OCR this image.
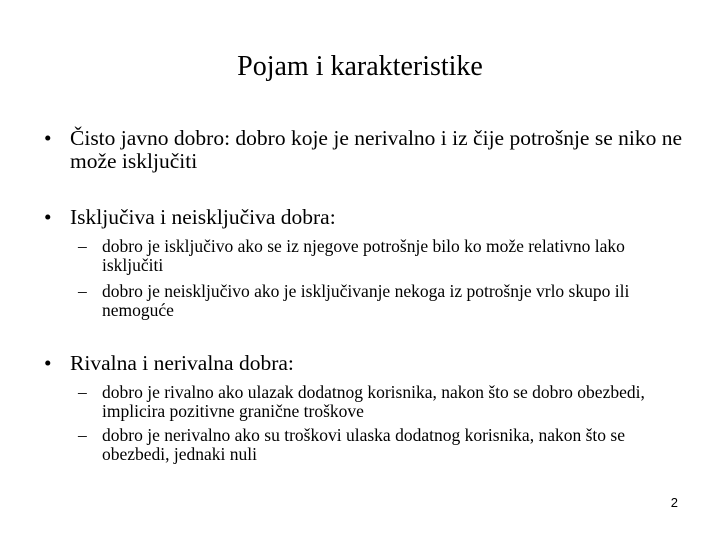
Pojam i karakteristike
• Čisto javno dobro: dobro koje je nerivalno i iz čije potrošnje se niko ne može isključiti
• Isključiva i neisključiva dobra:
– dobro je isključivo ako se iz njegove potrošnje bilo ko može relativno lako isključiti
– dobro je neisključivo ako je isključivanje nekoga iz potrošnje vrlo skupo ili nemoguće
• Rivalna i nerivalna dobra:
– dobro je rivalno ako ulazak dodatnog korisnika, nakon što se dobro obezbedi, implicira pozitivne granične troškove
– dobro je nerivalno ako su troškovi ulaska dodatnog korisnika, nakon što se obezbedi, jednaki nuli
2
